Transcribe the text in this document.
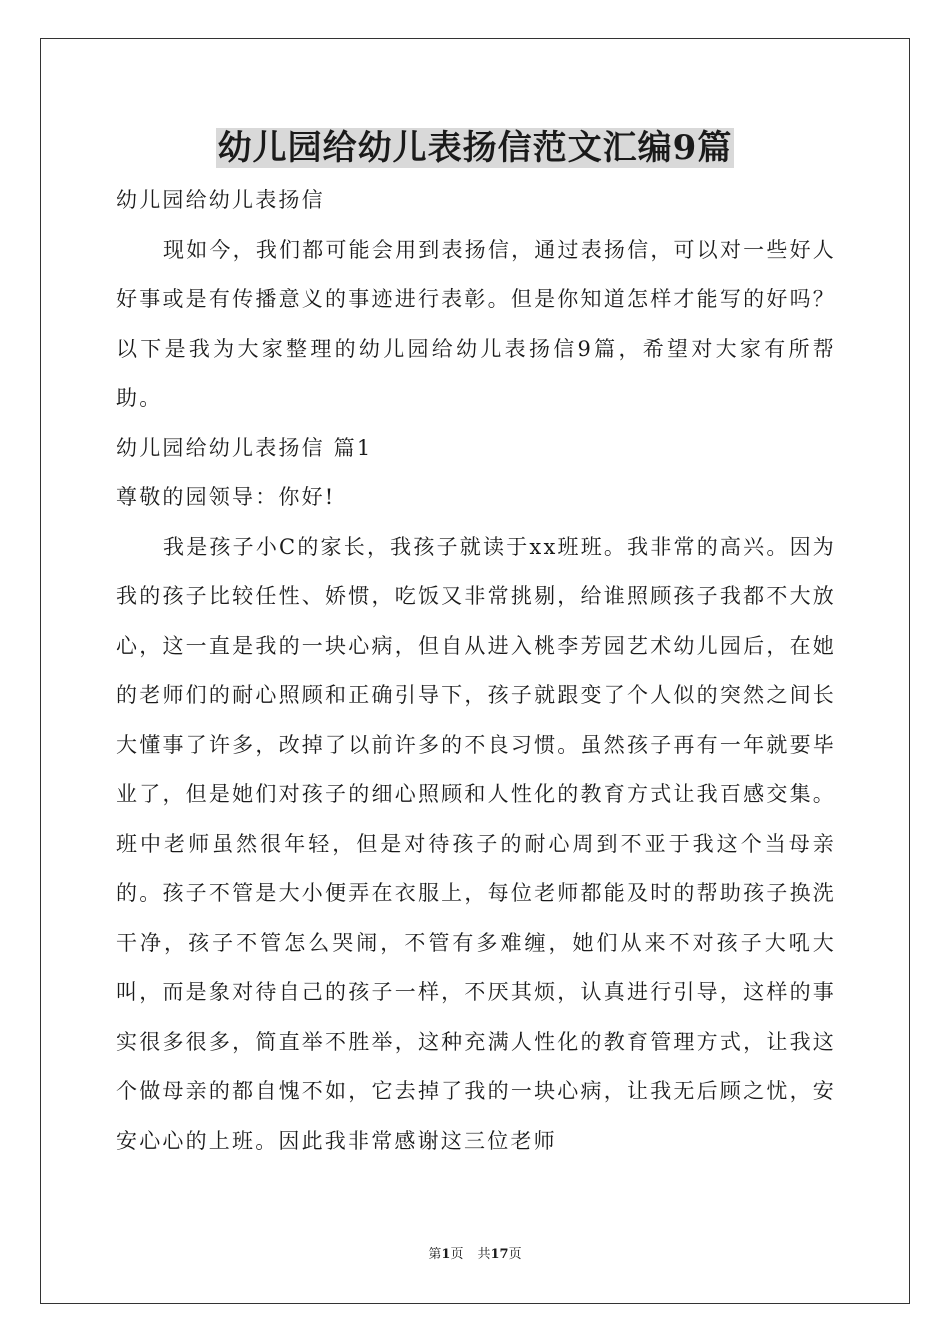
幼儿园给幼儿表扬信范文汇编9篇

幼儿园给幼儿表扬信

现如今，我们都可能会用到表扬信，通过表扬信，可以对一些好人好事或是有传播意义的事迹进行表彰。但是你知道怎样才能写的好吗？以下是我为大家整理的幼儿园给幼儿表扬信9篇，希望对大家有所帮助。

幼儿园给幼儿表扬信 篇1

尊敬的园领导：你好!

我是孩子小C的家长，我孩子就读于xx班班。我非常的高兴。因为我的孩子比较任性、娇惯，吃饭又非常挑剔，给谁照顾孩子我都不大放心，这一直是我的一块心病，但自从进入桃李芳园艺术幼儿园后，在她的老师们的耐心照顾和正确引导下，孩子就跟变了个人似的突然之间长大懂事了许多，改掉了以前许多的不良习惯。虽然孩子再有一年就要毕业了，但是她们对孩子的细心照顾和人性化的教育方式让我百感交集。班中老师虽然很年轻，但是对待孩子的耐心周到不亚于我这个当母亲的。孩子不管是大小便弄在衣服上，每位老师都能及时的帮助孩子换洗干净，孩子不管怎么哭闹，不管有多难缠，她们从来不对孩子大吼大叫，而是象对待自己的孩子一样，不厌其烦，认真进行引导，这样的事实很多很多，简直举不胜举，这种充满人性化的教育管理方式，让我这个做母亲的都自愧不如，它去掉了我的一块心病，让我无后顾之忧，安安心心的上班。因此我非常感谢这三位老师

第1页 共17页
